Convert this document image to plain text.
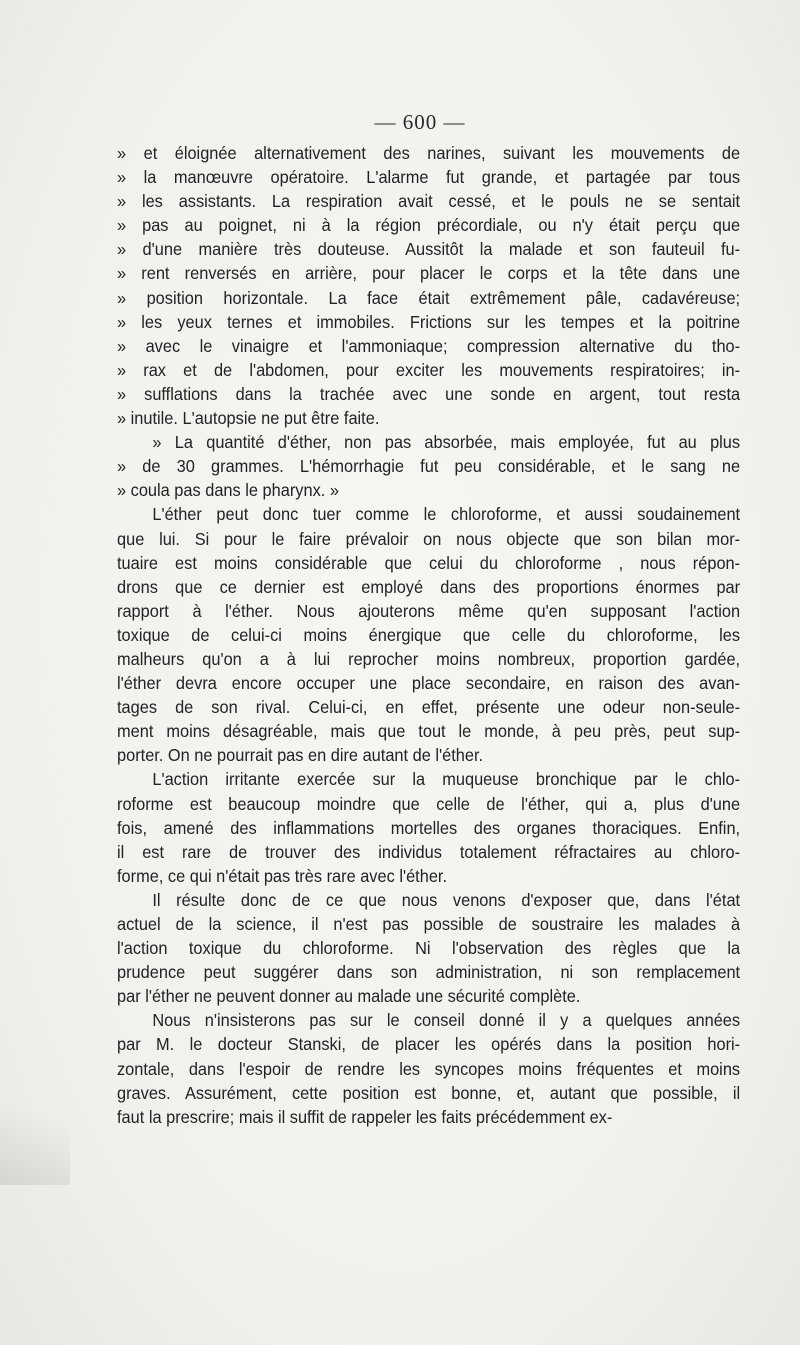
— 600 —
» et éloignée alternativement des narines, suivant les mouvements de
» la manœuvre opératoire. L'alarme fut grande, et partagée par tous
» les assistants. La respiration avait cessé, et le pouls ne se sentait
» pas au poignet, ni à la région précordiale, ou n'y était perçu que
» d'une manière très douteuse. Aussitôt la malade et son fauteuil fu-
» rent renversés en arrière, pour placer le corps et la tête dans une
» position horizontale. La face était extrêmement pâle, cadavéreuse;
» les yeux ternes et immobiles. Frictions sur les tempes et la poitrine
» avec le vinaigre et l'ammoniaque; compression alternative du tho-
» rax et de l'abdomen, pour exciter les mouvements respiratoires; in-
» sufflations dans la trachée avec une sonde en argent, tout resta
» inutile. L'autopsie ne put être faite.
» La quantité d'éther, non pas absorbée, mais employée, fut au plus
» de 30 grammes. L'hémorrhagie fut peu considérable, et le sang ne
» coula pas dans le pharynx. »
L'éther peut donc tuer comme le chloroforme, et aussi soudainement
que lui. Si pour le faire prévaloir on nous objecte que son bilan mor-
tuaire est moins considérable que celui du chloroforme , nous répon-
drons que ce dernier est employé dans des proportions énormes par
rapport à l'éther. Nous ajouterons même qu'en supposant l'action
toxique de celui-ci moins énergique que celle du chloroforme, les
malheurs qu'on a à lui reprocher moins nombreux, proportion gardée,
l'éther devra encore occuper une place secondaire, en raison des avan-
tages de son rival. Celui-ci, en effet, présente une odeur non-seule-
ment moins désagréable, mais que tout le monde, à peu près, peut sup-
porter. On ne pourrait pas en dire autant de l'éther.
L'action irritante exercée sur la muqueuse bronchique par le chlo-
roforme est beaucoup moindre que celle de l'éther, qui a, plus d'une
fois, amené des inflammations mortelles des organes thoraciques. Enfin,
il est rare de trouver des individus totalement réfractaires au chloro-
forme, ce qui n'était pas très rare avec l'éther.
Il résulte donc de ce que nous venons d'exposer que, dans l'état
actuel de la science, il n'est pas possible de soustraire les malades à
l'action toxique du chloroforme. Ni l'observation des règles que la
prudence peut suggérer dans son administration, ni son remplacement
par l'éther ne peuvent donner au malade une sécurité complète.
Nous n'insisterons pas sur le conseil donné il y a quelques années
par M. le docteur Stanski, de placer les opérés dans la position hori-
zontale, dans l'espoir de rendre les syncopes moins fréquentes et moins
graves. Assurément, cette position est bonne, et, autant que possible, il
faut la prescrire; mais il suffit de rappeler les faits précédemment ex-
